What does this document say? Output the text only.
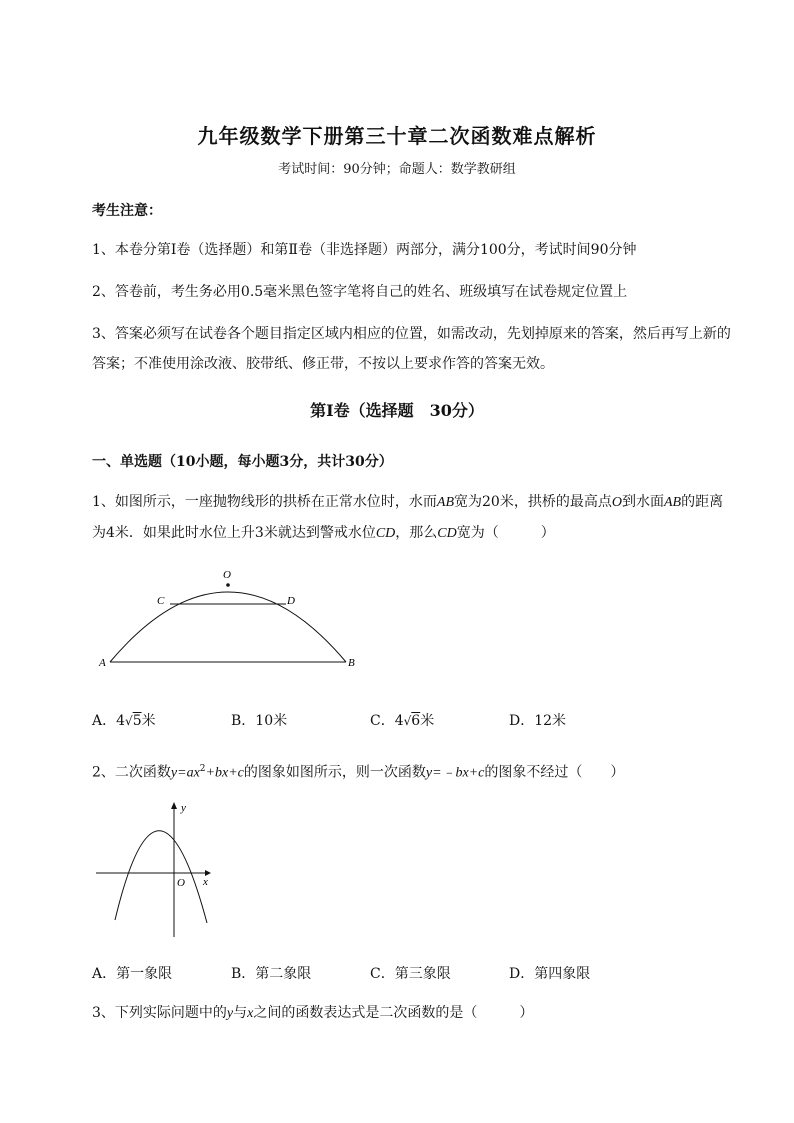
九年级数学下册第三十章二次函数难点解析
考试时间：90分钟；命题人：数学教研组
考生注意：
1、本卷分第I卷（选择题）和第Ⅱ卷（非选择题）两部分，满分100分，考试时间90分钟
2、答卷前，考生务必用0.5毫米黑色签字笔将自己的姓名、班级填写在试卷规定位置上
3、答案必须写在试卷各个题目指定区域内相应的位置，如需改动，先划掉原来的答案，然后再写上新的答案；不准使用涂改液、胶带纸、修正带，不按以上要求作答的答案无效。
第I卷（选择题　30分）
一、单选题（10小题，每小题3分，共计30分）
1、如图所示，一座抛物线形的拱桥在正常水位时，水而AB宽为20米，拱桥的最高点O到水面AB的距离为4米．如果此时水位上升3米就达到警戒水位CD，那么CD宽为（　　　）
O
C	D
A	B
A．4√5米	B．10米	C．4√6米	D．12米
2、二次函数$y=ax^2+bx+c$的图象如图所示，则一次函数y=﹣bx+c的图象不经过（　　）
y
x
O
A．第一象限	B．第二象限	C．第三象限	D．第四象限
3、下列实际问题中的y与x之间的函数表达式是二次函数的是（　　　）
